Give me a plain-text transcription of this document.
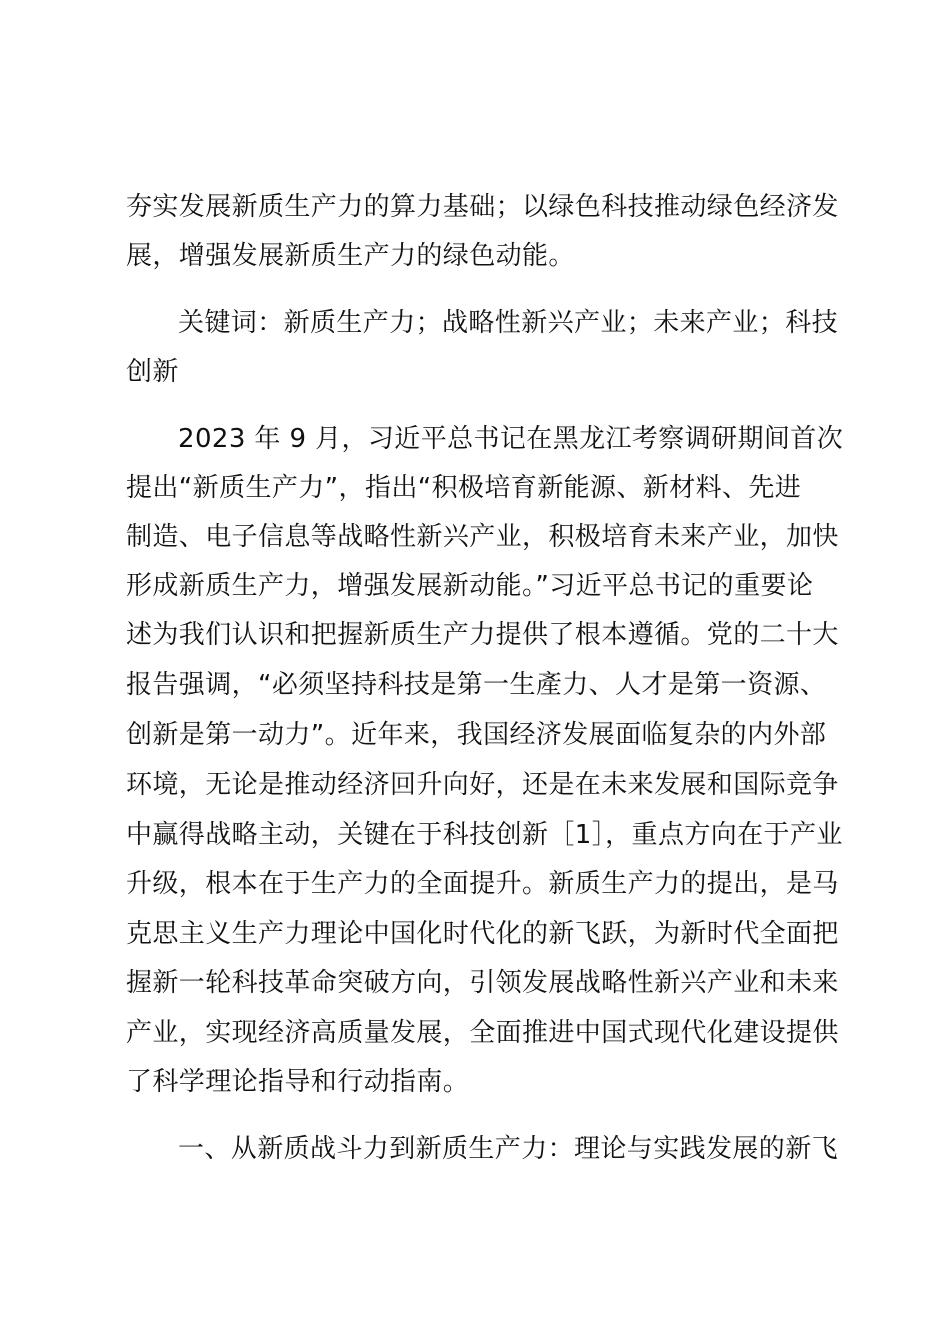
夯实发展新质生产力的算力基础；以绿色科技推动绿色经济发
展，增强发展新质生产力的绿色动能。
关键词：新质生产力；战略性新兴产业；未来产业；科技
创新
2023 年 9 月，习近平总书记在黑龙江考察调研期间首次
提出“新质生产力”，指出“积极培育新能源、新材料、先进
制造、电子信息等战略性新兴产业，积极培育未来产业，加快
形成新质生产力，增强发展新动能。”习近平总书记的重要论
述为我们认识和把握新质生产力提供了根本遵循。党的二十大
报告强调，“必须坚持科技是第一生產力、人才是第一资源、
创新是第一动力”。近年来，我国经济发展面临复杂的内外部
环境，无论是推动经济回升向好，还是在未来发展和国际竞争
中赢得战略主动，关键在于科技创新［1］，重点方向在于产业
升级，根本在于生产力的全面提升。新质生产力的提出，是马
克思主义生产力理论中国化时代化的新飞跃，为新时代全面把
握新一轮科技革命突破方向，引领发展战略性新兴产业和未来
产业，实现经济高质量发展，全面推进中国式现代化建设提供
了科学理论指导和行动指南。
一、从新质战斗力到新质生产力：理论与实践发展的新飞
